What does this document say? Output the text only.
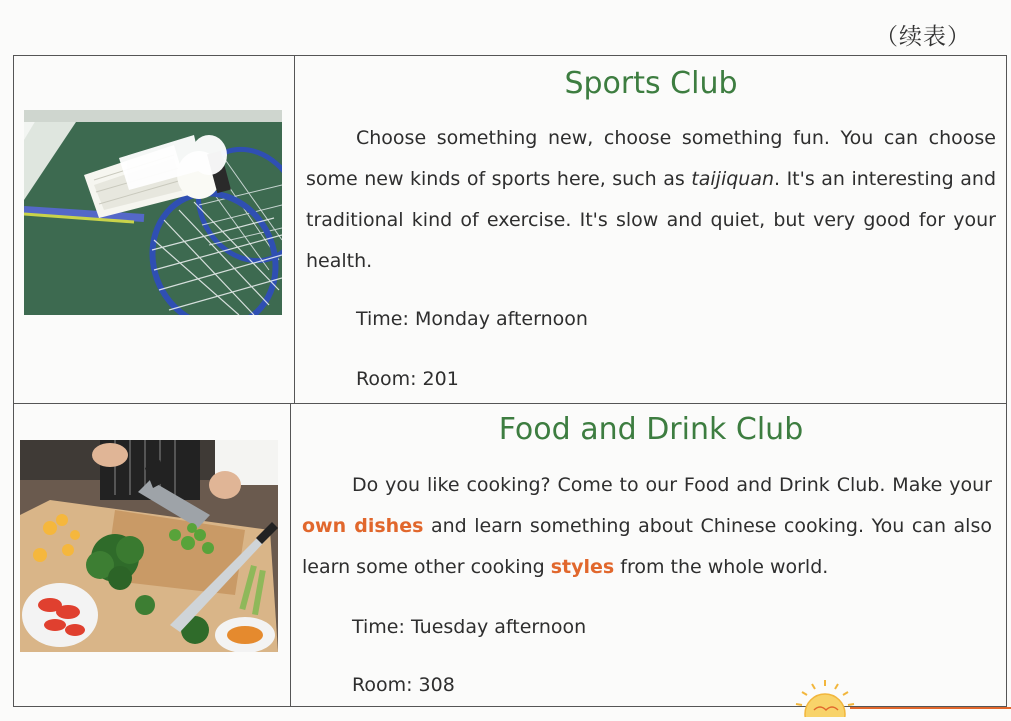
（续表）
Sports Club
Choose something new, choose something fun. You can choose some new kinds of sports here, such as taijiquan. It's an interesting and traditional kind of exercise. It's slow and quiet, but very good for your health.
Time: Monday afternoon
Room: 201
Food and Drink Club
Do you like cooking? Come to our Food and Drink Club. Make your own dishes and learn something about Chinese cooking. You can also learn some other cooking styles from the whole world.
Time: Tuesday afternoon
Room: 308
